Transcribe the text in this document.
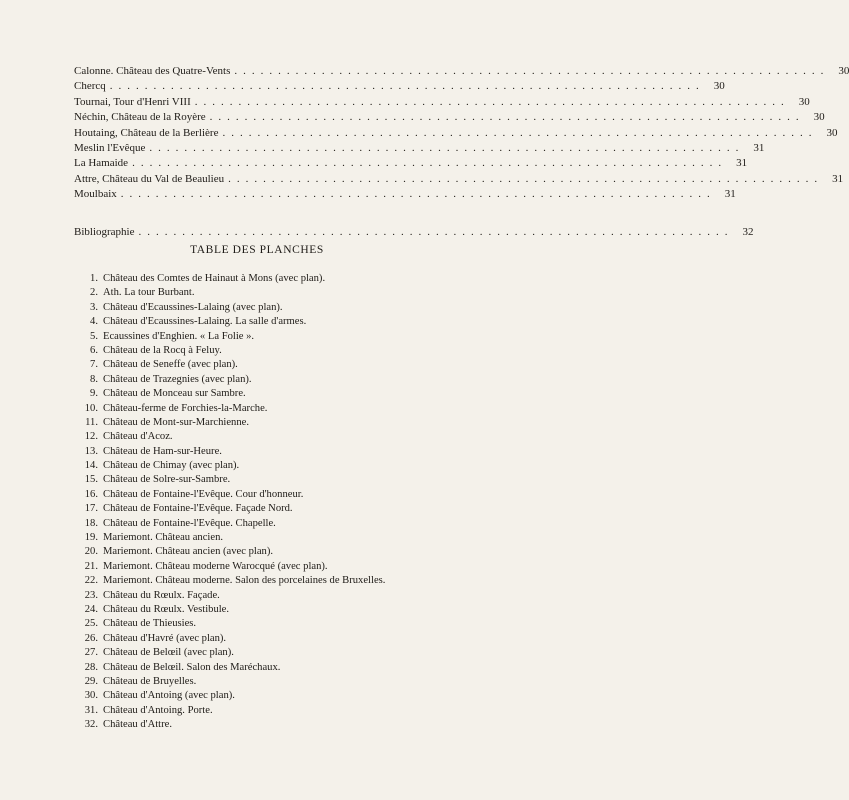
Calonne. Château des Quatre-Vents .................................................................... 30
Chercq .................................................................... 30
Tournai, Tour d'Henri VIII .................................................................... 30
Néchin, Château de la Royère .................................................................... 30
Houtaing, Château de la Berlière .................................................................... 30
Meslin l'Evêque .................................................................... 31
La Hamaide .................................................................... 31
Attre, Château du Val de Beaulieu .................................................................... 31
Moulbaix .................................................................... 31
Bibliographie .................................................................... 32
TABLE DES PLANCHES
1. Château des Comtes de Hainaut à Mons (avec plan).
2. Ath. La tour Burbant.
3. Château d'Ecaussines-Lalaing (avec plan).
4. Château d'Ecaussines-Lalaing. La salle d'armes.
5. Ecaussines d'Enghien. « La Folie ».
6. Château de la Rocq à Feluy.
7. Château de Seneffe (avec plan).
8. Château de Trazegnies (avec plan).
9. Château de Monceau sur Sambre.
10. Château-ferme de Forchies-la-Marche.
11. Château de Mont-sur-Marchienne.
12. Château d'Acoz.
13. Château de Ham-sur-Heure.
14. Château de Chimay (avec plan).
15. Château de Solre-sur-Sambre.
16. Château de Fontaine-l'Evêque. Cour d'honneur.
17. Château de Fontaine-l'Evêque. Façade Nord.
18. Château de Fontaine-l'Evêque. Chapelle.
19. Mariemont. Château ancien.
20. Mariemont. Château ancien (avec plan).
21. Mariemont. Château moderne Warocqué (avec plan).
22. Mariemont. Château moderne. Salon des porcelaines de Bruxelles.
23. Château du Rœulx. Façade.
24. Château du Rœulx. Vestibule.
25. Château de Thieusies.
26. Château d'Havré (avec plan).
27. Château de Belœil (avec plan).
28. Château de Belœil. Salon des Maréchaux.
29. Château de Bruyelles.
30. Château d'Antoing (avec plan).
31. Château d'Antoing. Porte.
32. Château d'Attre.
